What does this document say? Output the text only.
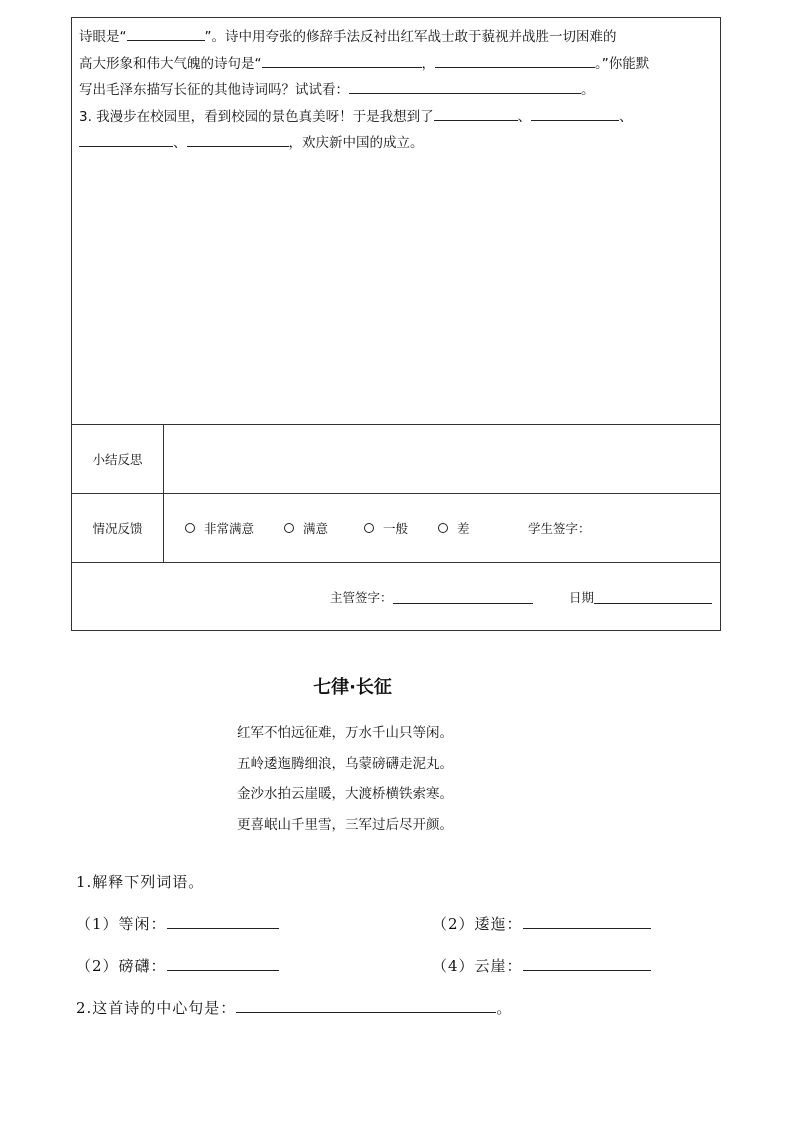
诗眼是“	”。诗中用夸张的修辞手法反衬出红军战士敢于藐视并战胜一切困难的

高大形象和伟大气魄的诗句是“	，	。”你能默

写出毛泽东描写长征的其他诗词吗？试试看：	。

3. 我漫步在校园里，看到校园的景色真美呀！于是我想到了	、	、

、	，欢庆新中国的成立。

小结反思
情况反馈	非常满意	满意	一般	差	学生签字：
主管签字：	日期
七律·长征
红军不怕远征难，万水千山只等闲。
五岭逶迤腾细浪，乌蒙磅礴走泥丸。
金沙水拍云崖暖，大渡桥横铁索寒。
更喜岷山千里雪，三军过后尽开颜。
1.解释下列词语。
（1）等闲：	（2）逶迤：
（2）磅礴：	（4）云崖：
2.这首诗的中心句是：	。
